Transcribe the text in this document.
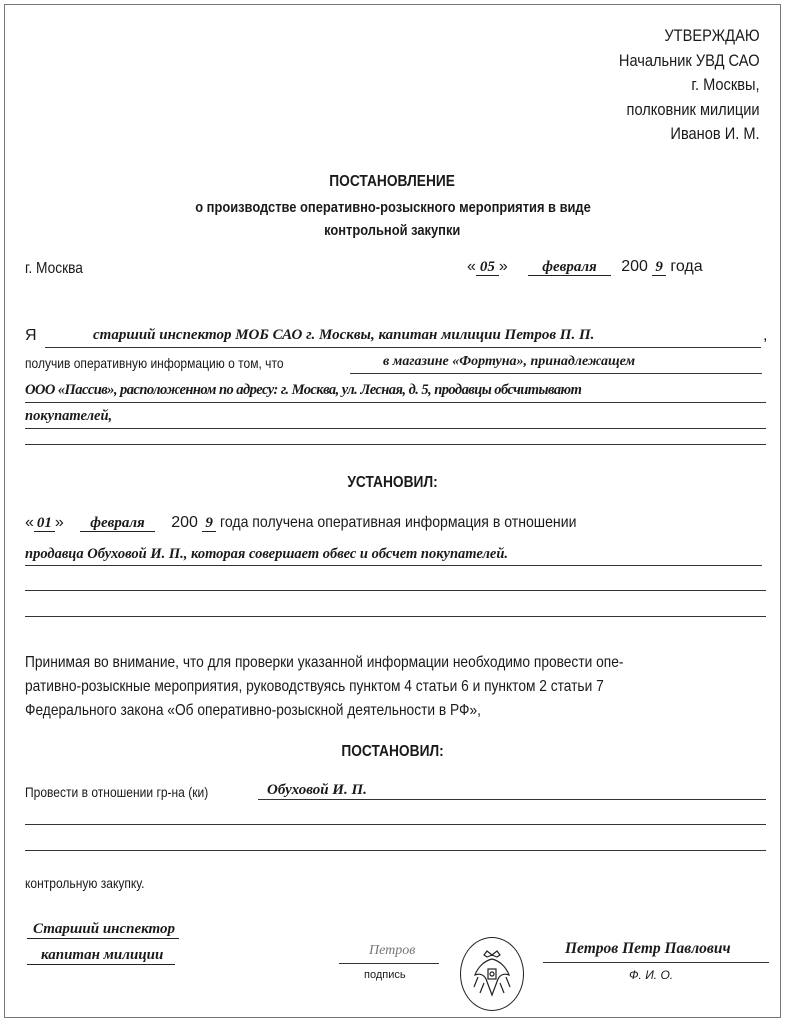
УТВЕРЖДАЮ
Начальник УВД САО
г. Москвы,
полковник милиции
Иванов И. М.
ПОСТАНОВЛЕНИЕ
о производстве оперативно-розыскного мероприятия в виде
контрольной закупки
г. Москва	« 05 » февраля 200 9 года
Я	старший инспектор МОБ САО г. Москвы, капитан милиции Петров П. П.	,
получив оперативную информацию о том, что	в магазине «Фортуна», принадлежащем
ООО «Пассив», расположенном по адресу: г. Москва, ул. Лесная, д. 5, продавцы обсчитывают
покупателей,
УСТАНОВИЛ:
« 01 » февраля 200 9 года получена оперативная информация в отношении
продавца Обуховой И. П., которая совершает обвес и обсчет покупателей.
Принимая во внимание, что для проверки указанной информации необходимо провести опе-
ративно-розыскные мероприятия, руководствуясь пунктом 4 статьи 6 и пунктом 2 статьи 7
Федерального закона «Об оперативно-розыскной деятельности в РФ»,
ПОСТАНОВИЛ:
Провести в отношении гр-на (ки)	Обуховой И. П.
контрольную закупку.
Старший инспектор
капитан милиции	Петров
подпись
Петров Петр Павлович
Ф. И. О.
